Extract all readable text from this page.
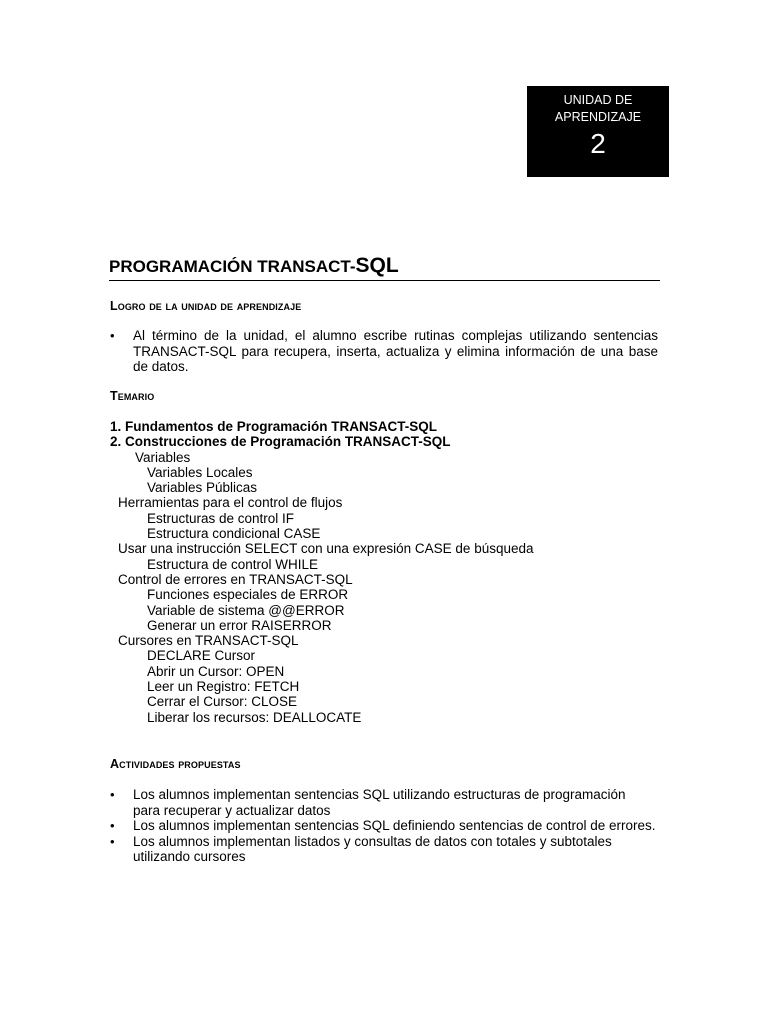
UNIDAD DE
APRENDIZAJE
2
PROGRAMACIÓN TRANSACT-SQL
Logro de la unidad de aprendizaje
• Al término de la unidad, el alumno escribe rutinas complejas utilizando sentencias TRANSACT-SQL para recupera, inserta, actualiza y elimina información de una base de datos.
Temario
1. Fundamentos de Programación TRANSACT-SQL
2. Construcciones de Programación TRANSACT-SQL
Variables
Variables Locales
Variables Públicas
Herramientas para el control de flujos
Estructuras de control IF
Estructura condicional CASE
Usar una instrucción SELECT con una expresión CASE de búsqueda
Estructura de control WHILE
Control de errores en TRANSACT-SQL
Funciones especiales de ERROR
Variable de sistema @@ERROR
Generar un error RAISERROR
Cursores en TRANSACT-SQL
DECLARE Cursor
Abrir un Cursor: OPEN
Leer un Registro: FETCH
Cerrar el Cursor: CLOSE
Liberar los recursos: DEALLOCATE
Actividades propuestas
• Los alumnos implementan sentencias SQL utilizando estructuras de programación para recuperar y actualizar datos
• Los alumnos implementan sentencias SQL definiendo sentencias de control de errores.
• Los alumnos implementan listados y consultas de datos con totales y subtotales utilizando cursores
